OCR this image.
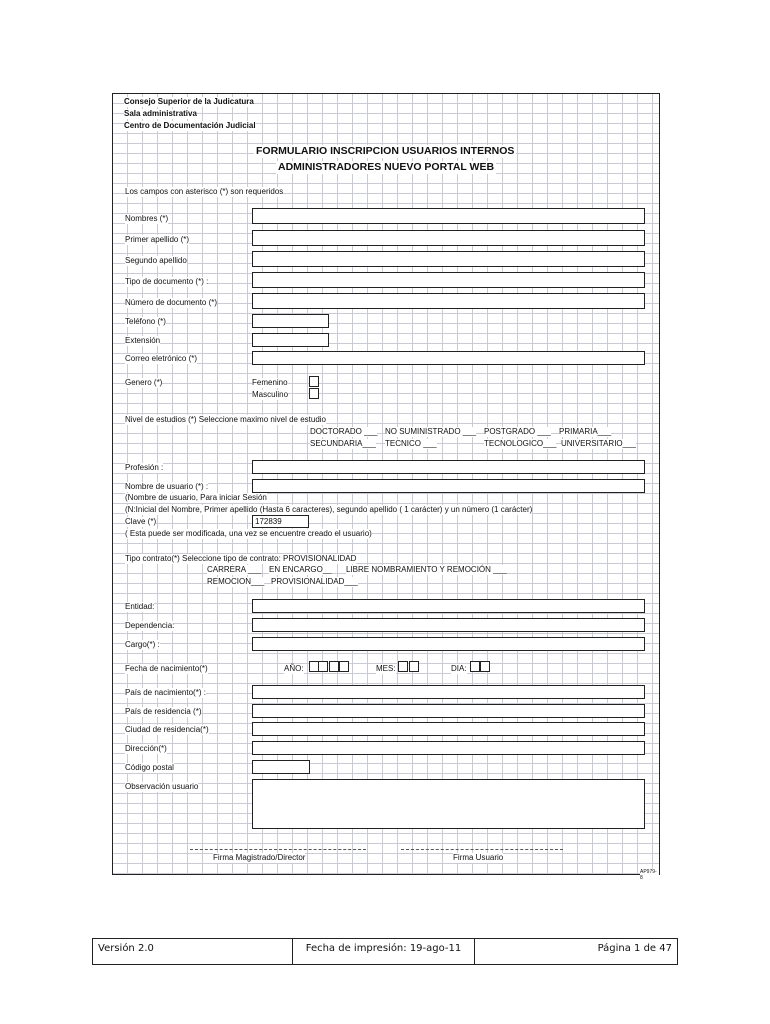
Consejo Superior de la Judicatura
Sala administrativa
Centro de Documentación Judicial
FORMULARIO INSCRIPCION USUARIOS INTERNOS
ADMINISTRADORES NUEVO PORTAL WEB
Los campos con asterisco (*) son requeridos
Nombres (*)
Primer apellido (*)
Segundo apellido
Tipo de documento (*) :
Número de documento (*)
Teléfono (*)
Extensión
Correo eletrónico (*)
Genero (*)	Femenino
Masculino
Nivel de estudios (*) Seleccione maximo nivel de estudio
DOCTORADO ___ NO SUMINISTRADO ___ POSTGRADO ___ PRIMARIA___
SECUNDARIA___ TECNICO ___	TECNOLOGICO___ UNIVERSITARIO___
Profesión :
Nombre de usuario (*) :
(Nombre de usuario, Para iniciar Sesión
(N:Inicial del Nombre, Primer apellido (Hasta 6 caracteres), segundo apellido ( 1 carácter) y un número (1 carácter)
Clave (*)	172839
( Esta puede ser modificada, una vez se encuentre creado el usuario)
Tipo contrato(*) Seleccione tipo de contrato: PROVISIONALIDAD
CARRERA ___ EN ENCARGO__ LIBRE NOMBRAMIENTO Y REMOCIÓN ___
REMOCION___ PROVISIONALIDAD___
Entidad:
Dependencia:
Cargo(*) :
Fecha de nacimiento(*)	AÑO:	MES:	DIA:
País de nacimiento(*) :
País de residencia (*)
Ciudad de residencia(*)
Dirección(*)
Código postal
Observación usuario
Firma Magistrado/Director	Firma Usuario
AP979-8
Versión 2.0	Fecha de impresión: 19-ago-11	Página 1 de 47
